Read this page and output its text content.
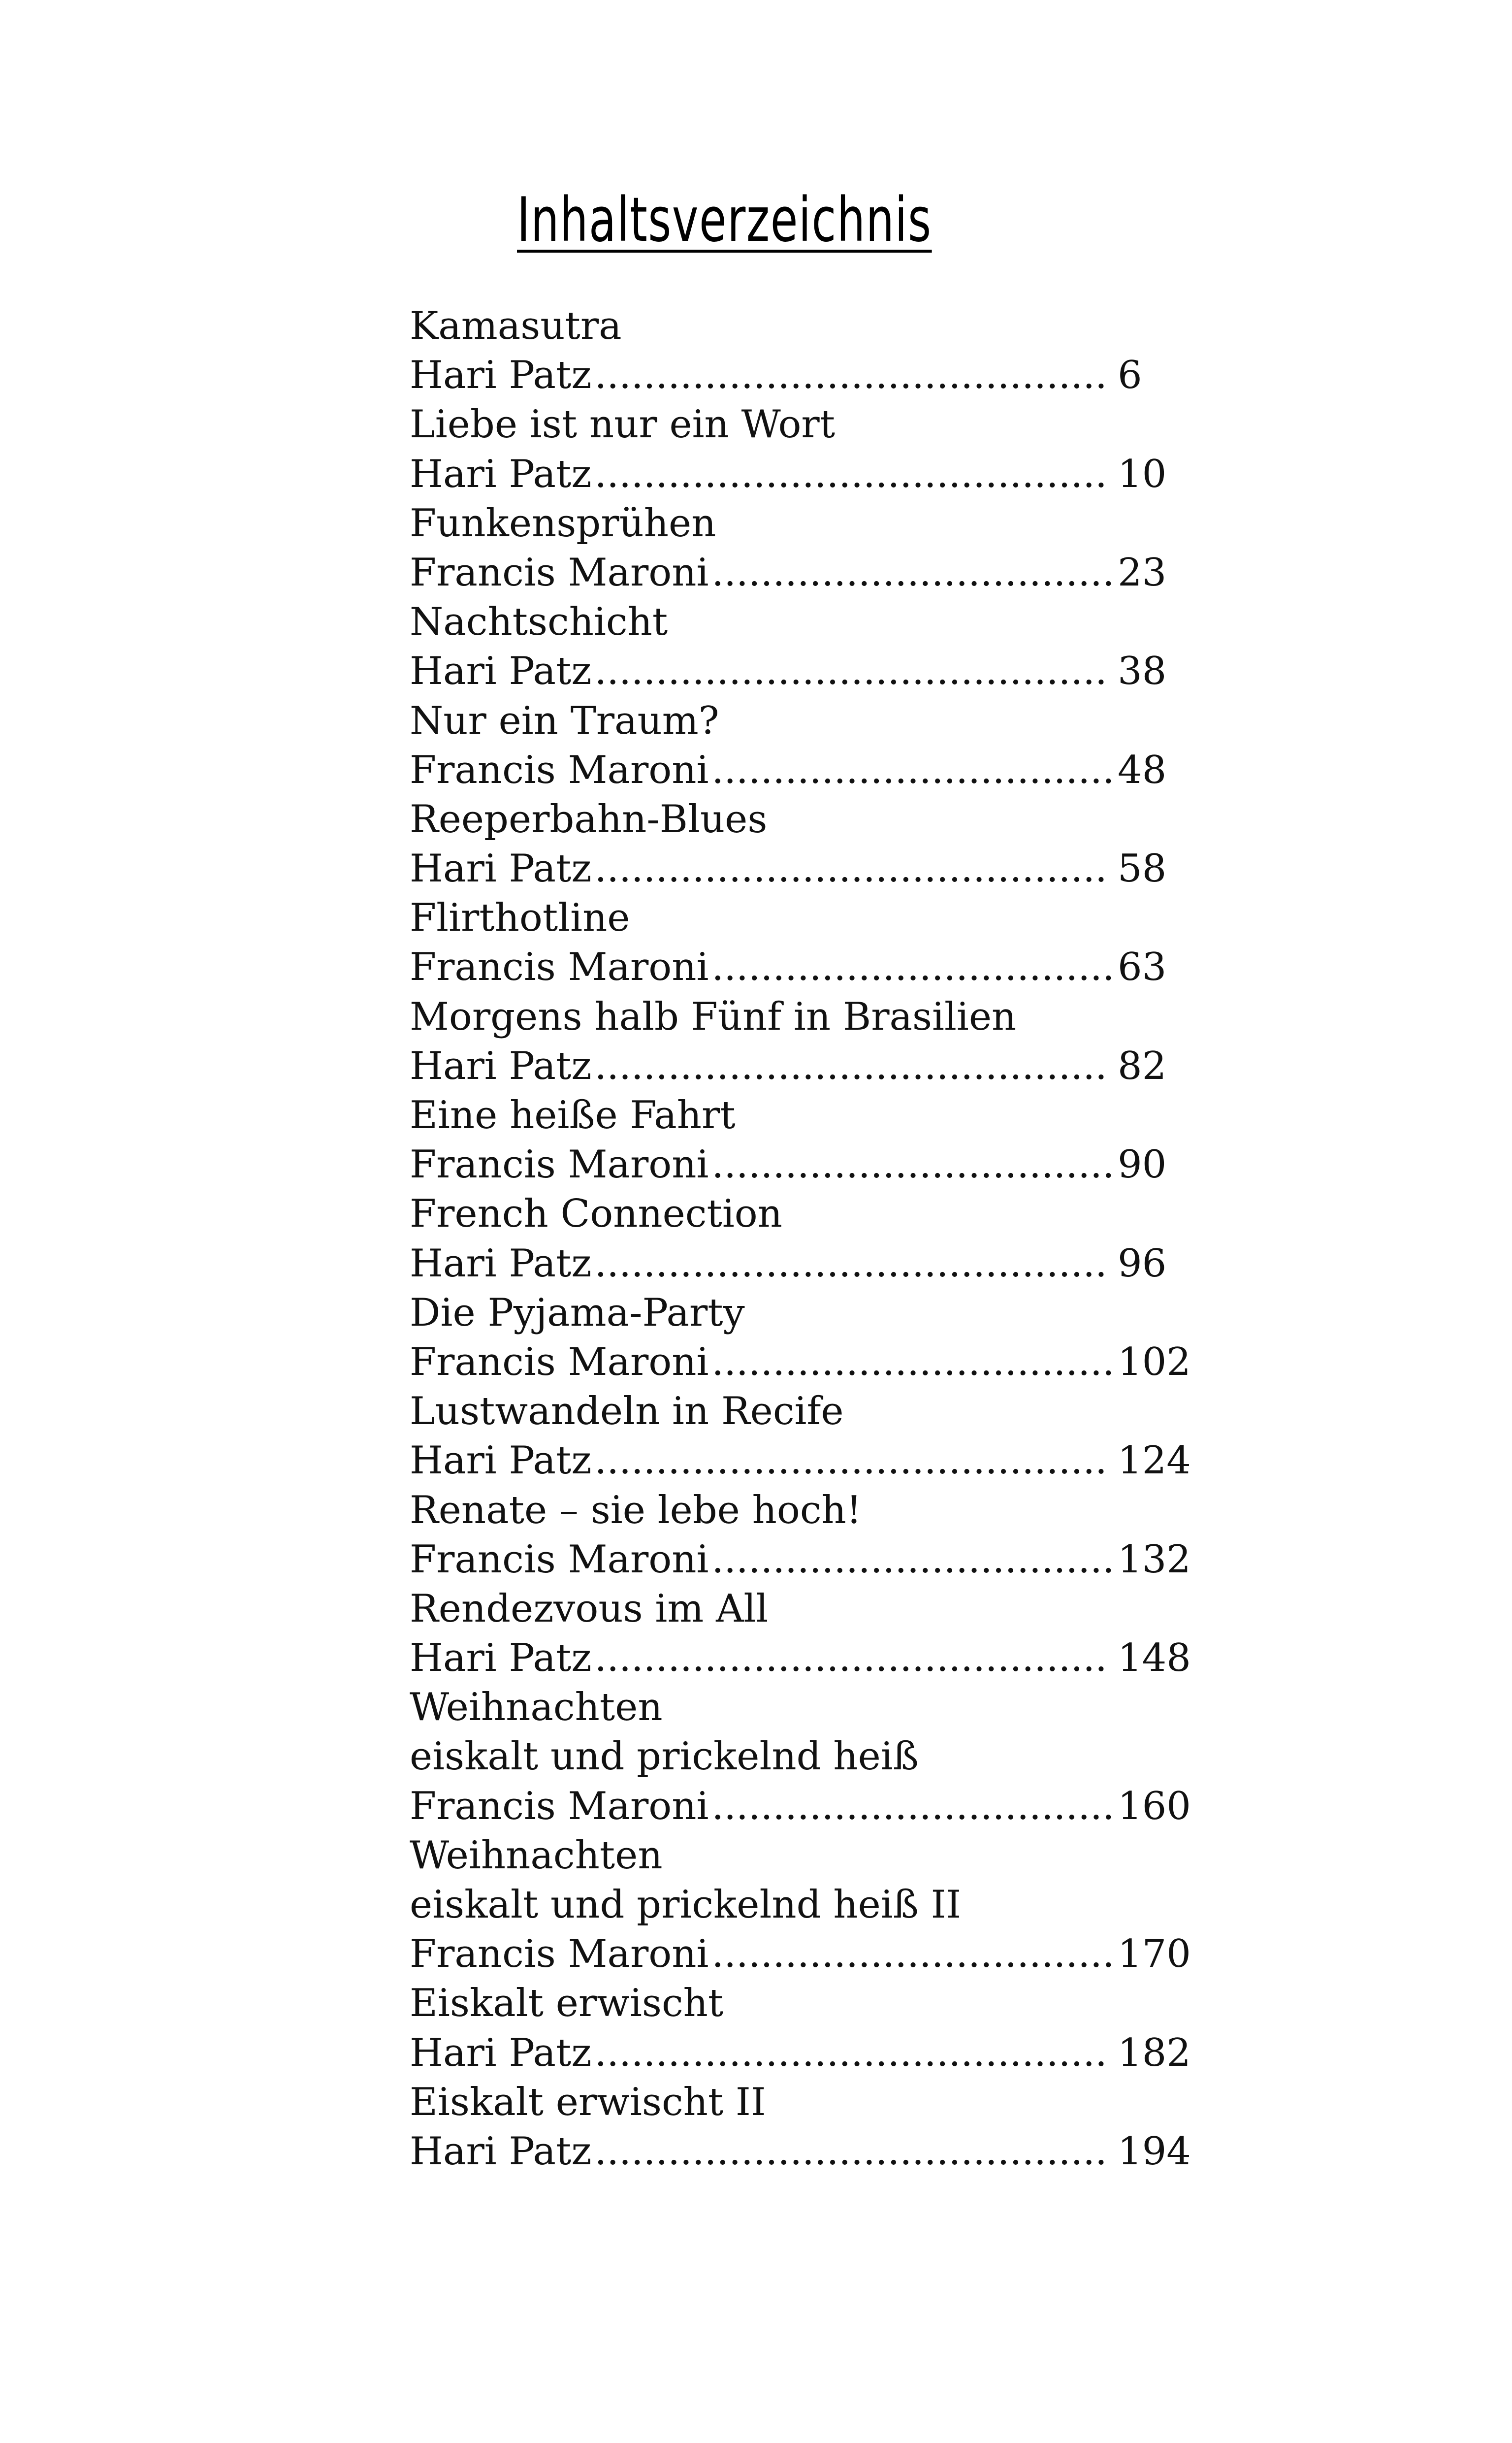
Inhaltsverzeichnis
Kamasutra
Hari Patz .......................................... 6
Liebe ist nur ein Wort
Hari Patz .......................................... 10
Funkensprühen
Francis Maroni ................................. 23
Nachtschicht
Hari Patz .......................................... 38
Nur ein Traum?
Francis Maroni ................................. 48
Reeperbahn-Blues
Hari Patz .......................................... 58
Flirthotline
Francis Maroni ................................. 63
Morgens halb Fünf in Brasilien
Hari Patz .......................................... 82
Eine heiße Fahrt
Francis Maroni ................................. 90
French Connection
Hari Patz .......................................... 96
Die Pyjama-Party
Francis Maroni ................................. 102
Lustwandeln in Recife
Hari Patz .......................................... 124
Renate – sie lebe hoch!
Francis Maroni ................................. 132
Rendezvous im All
Hari Patz .......................................... 148
Weihnachten
eiskalt und prickelnd heiß
Francis Maroni ................................. 160
Weihnachten
eiskalt und prickelnd heiß II
Francis Maroni ................................. 170
Eiskalt erwischt
Hari Patz .......................................... 182
Eiskalt erwischt II
Hari Patz .......................................... 194
